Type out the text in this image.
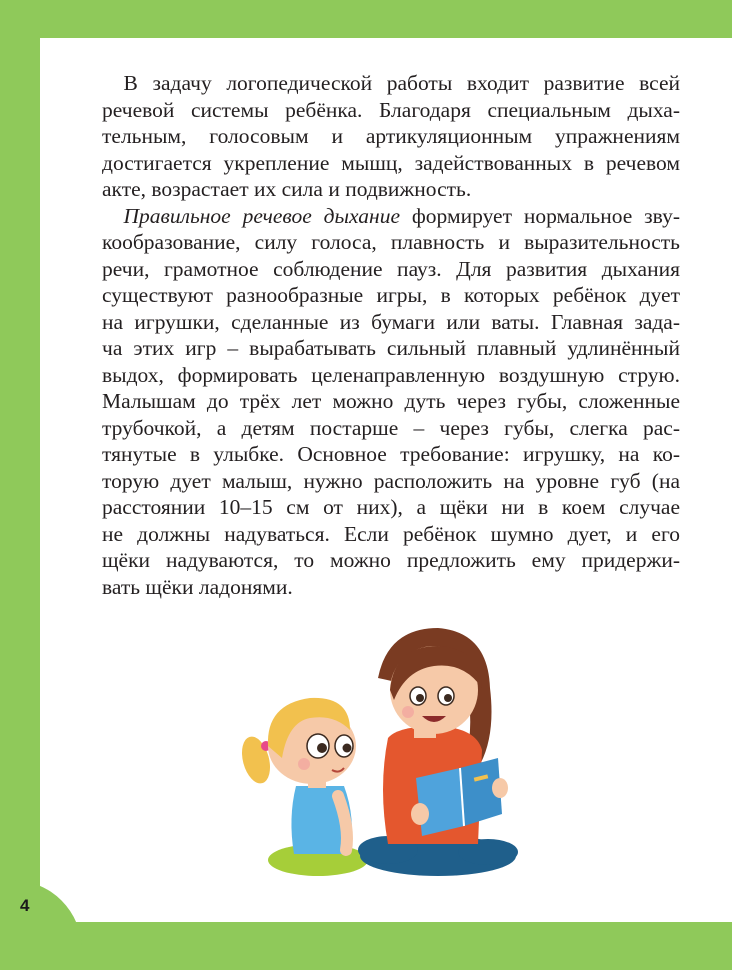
4
 В задачу логопедической работы входит развитие всей
речевой системы ребёнка. Благодаря специальным дыха-
тельным, голосовым и артикуляционным упражнениям
достигается укрепление мышц, задействованных в речевом
актe, возрастает их сила и подвижность.
 Правильное речевое дыхание формирует нормальное зву-
кообразование, силу голоса, плавность и выразительность
речи, грамотное соблюдение пауз. Для развития дыхания
существуют разнообразные игры, в которых ребёнок дует
на игрушки, сделанные из бумаги или ваты. Главная зада-
ча этих игр – вырабатывать сильный плавный удлинённый
выдох, формировать целенаправленную воздушную струю.
Малышам до трёх лет можно дуть через губы, сложенные
трубочкой, а детям постарше – через губы, слегка рас-
тянутые в улыбке. Основное требование: игрушку, на ко-
торую дует малыш, нужно расположить на уровне губ (на
расстоянии 10–15 см от них), а щёки ни в коем случае
не должны надуваться. Если ребёнок шумно дует, и его
щёки надуваются, то можно предложить ему придержи-
вать щёки ладонями.
